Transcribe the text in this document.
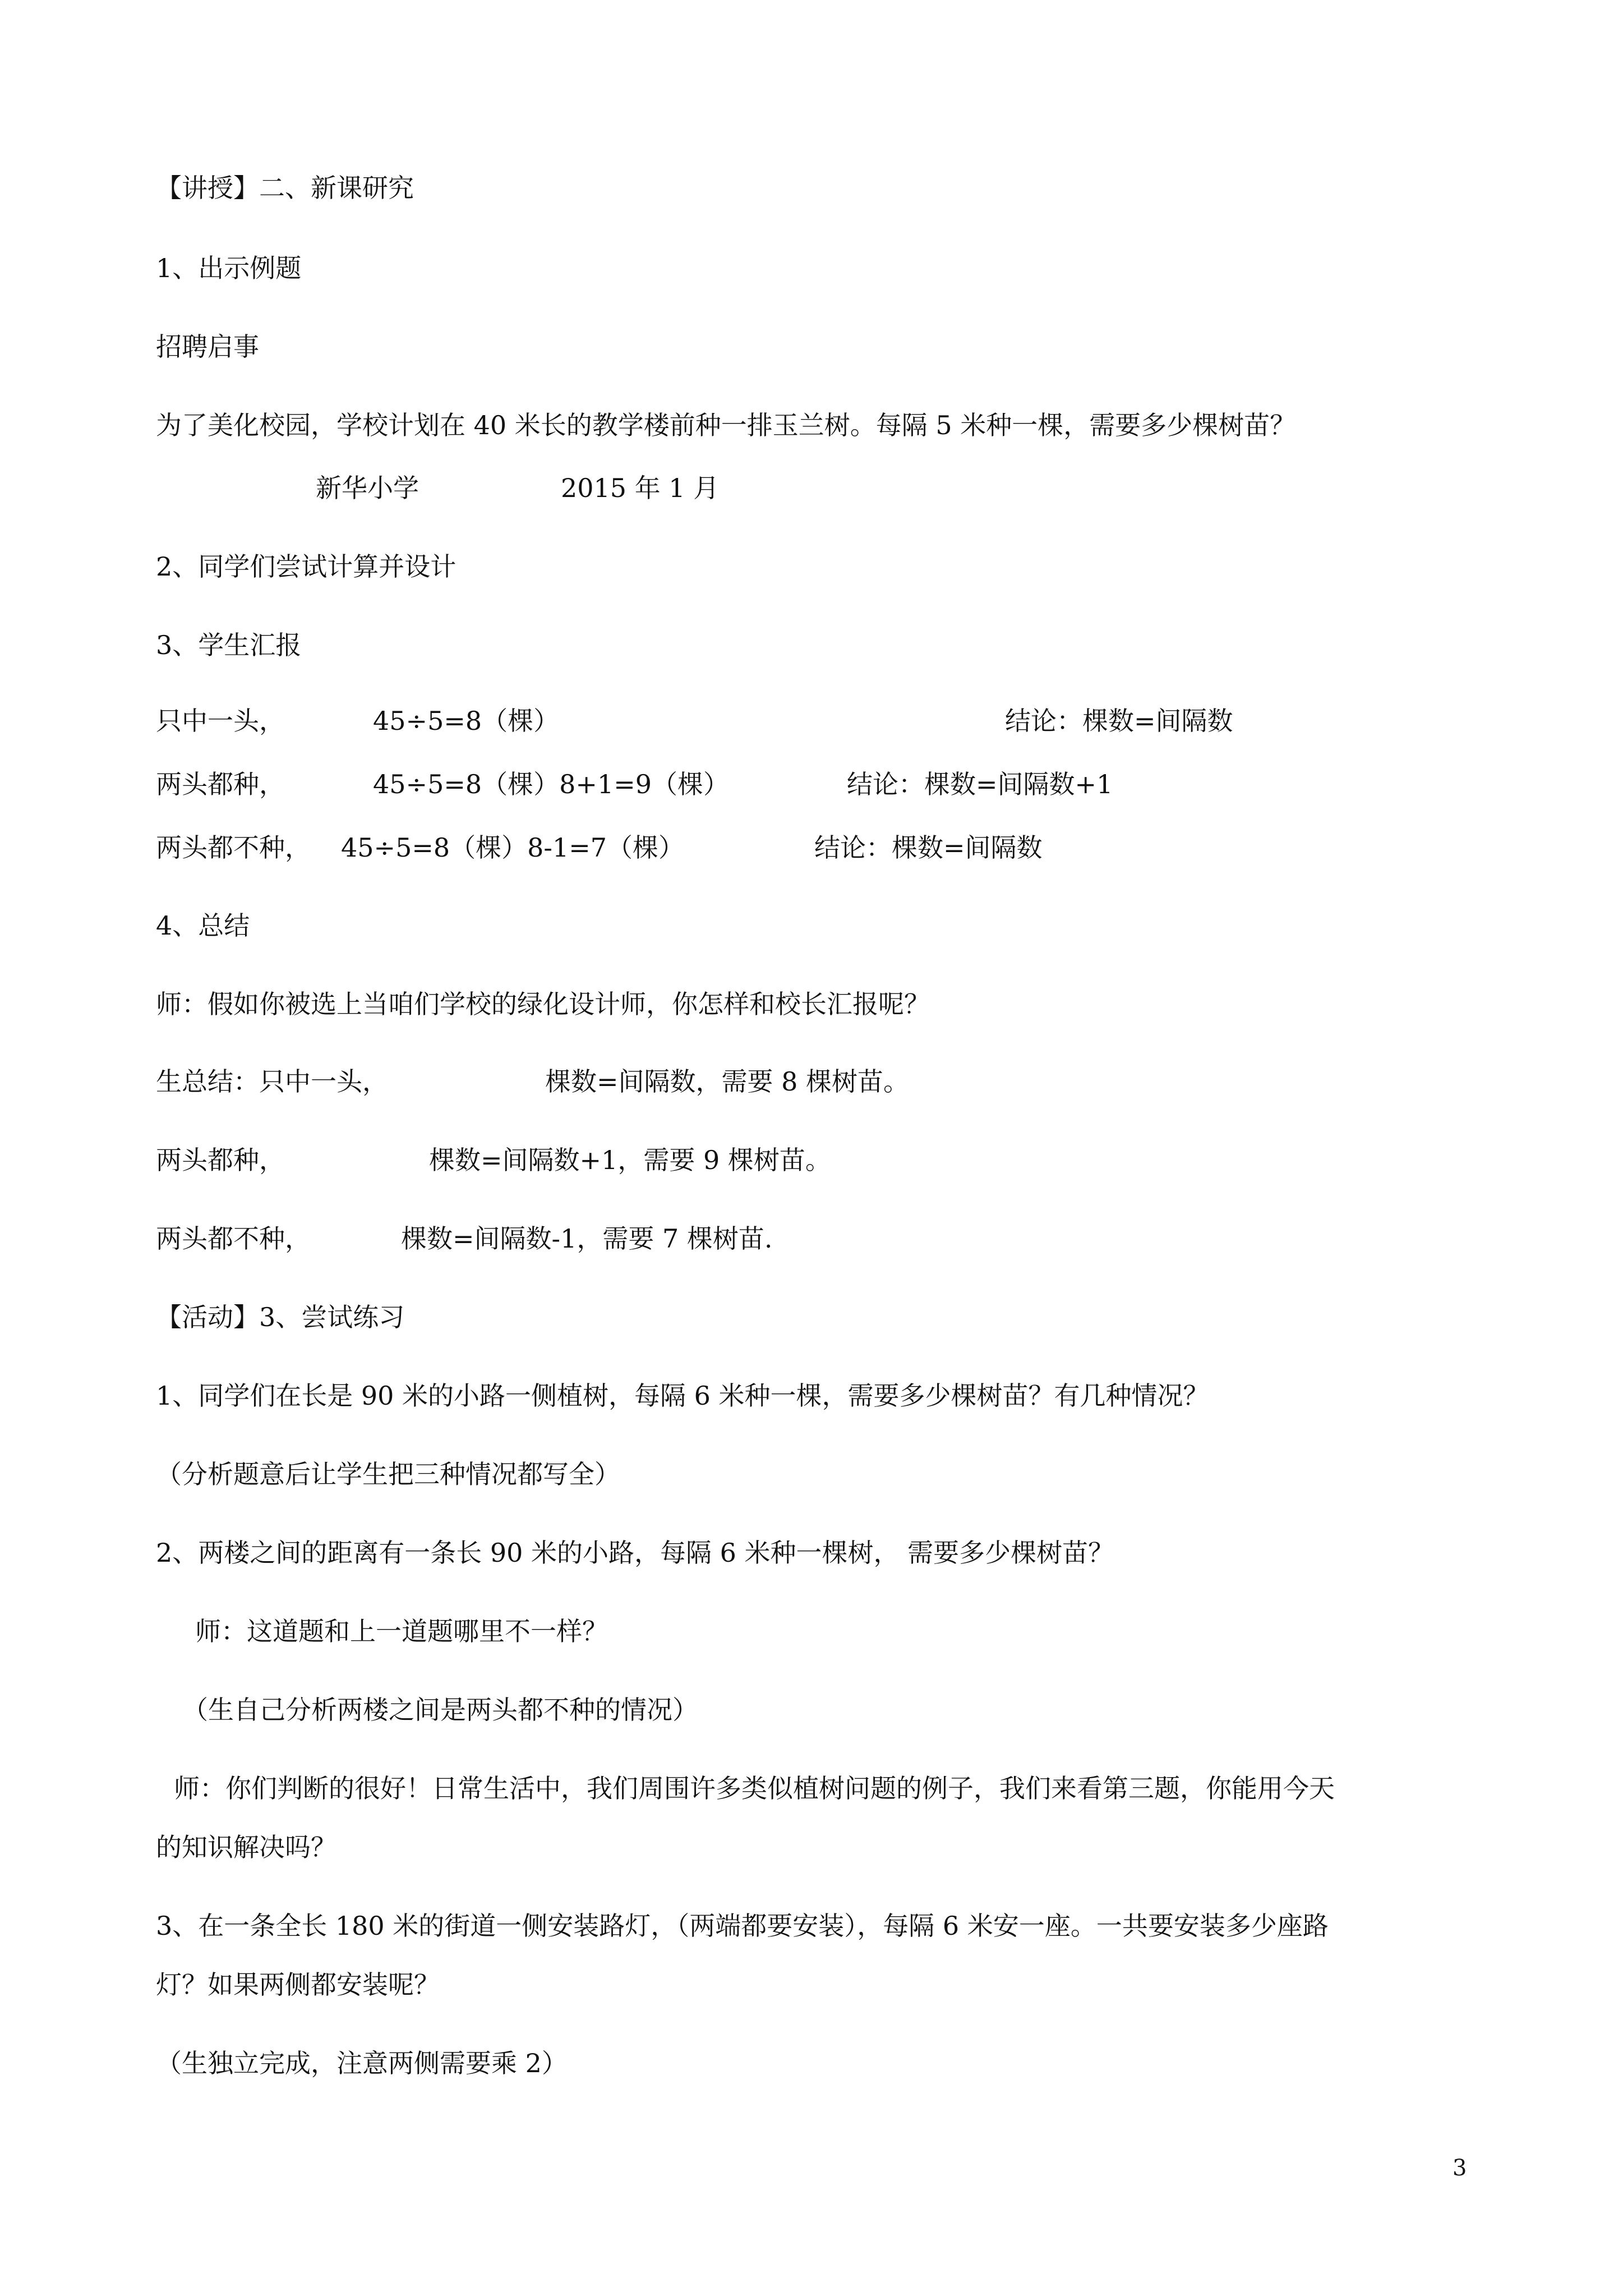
【讲授】二、新课研究
1、出示例题
招聘启事
为了美化校园，学校计划在 40 米长的教学楼前种一排玉兰树。每隔 5 米种一棵，需要多少棵树苗？
新华小学	2015 年 1 月
2、同学们尝试计算并设计
3、学生汇报
只中一头，	45÷5=8（棵）	结论：棵数=间隔数
两头都种，	45÷5=8（棵）8+1=9（棵）	结论：棵数=间隔数+1
两头都不种， 45÷5=8（棵）8-1=7（棵）	结论：棵数=间隔数
4、总结
师：假如你被选上当咱们学校的绿化设计师，你怎样和校长汇报呢？
生总结：只中一头，	棵数=间隔数，需要 8 棵树苗。
两头都种，	棵数=间隔数+1，需要 9 棵树苗。
两头都不种，	棵数=间隔数-1，需要 7 棵树苗.
【活动】3、尝试练习
1、同学们在长是 90 米的小路一侧植树，每隔 6 米种一棵，需要多少棵树苗？有几种情况？
（分析题意后让学生把三种情况都写全）
2、两楼之间的距离有一条长 90 米的小路，每隔 6 米种一棵树， 需要多少棵树苗？
师：这道题和上一道题哪里不一样？
（生自己分析两楼之间是两头都不种的情况）
师：你们判断的很好！日常生活中，我们周围许多类似植树问题的例子，我们来看第三题，你能用今天
的知识解决吗？
3、在一条全长 180 米的街道一侧安装路灯，（两端都要安装），每隔 6 米安一座。一共要安装多少座路
灯？如果两侧都安装呢？
（生独立完成，注意两侧需要乘 2）
3
